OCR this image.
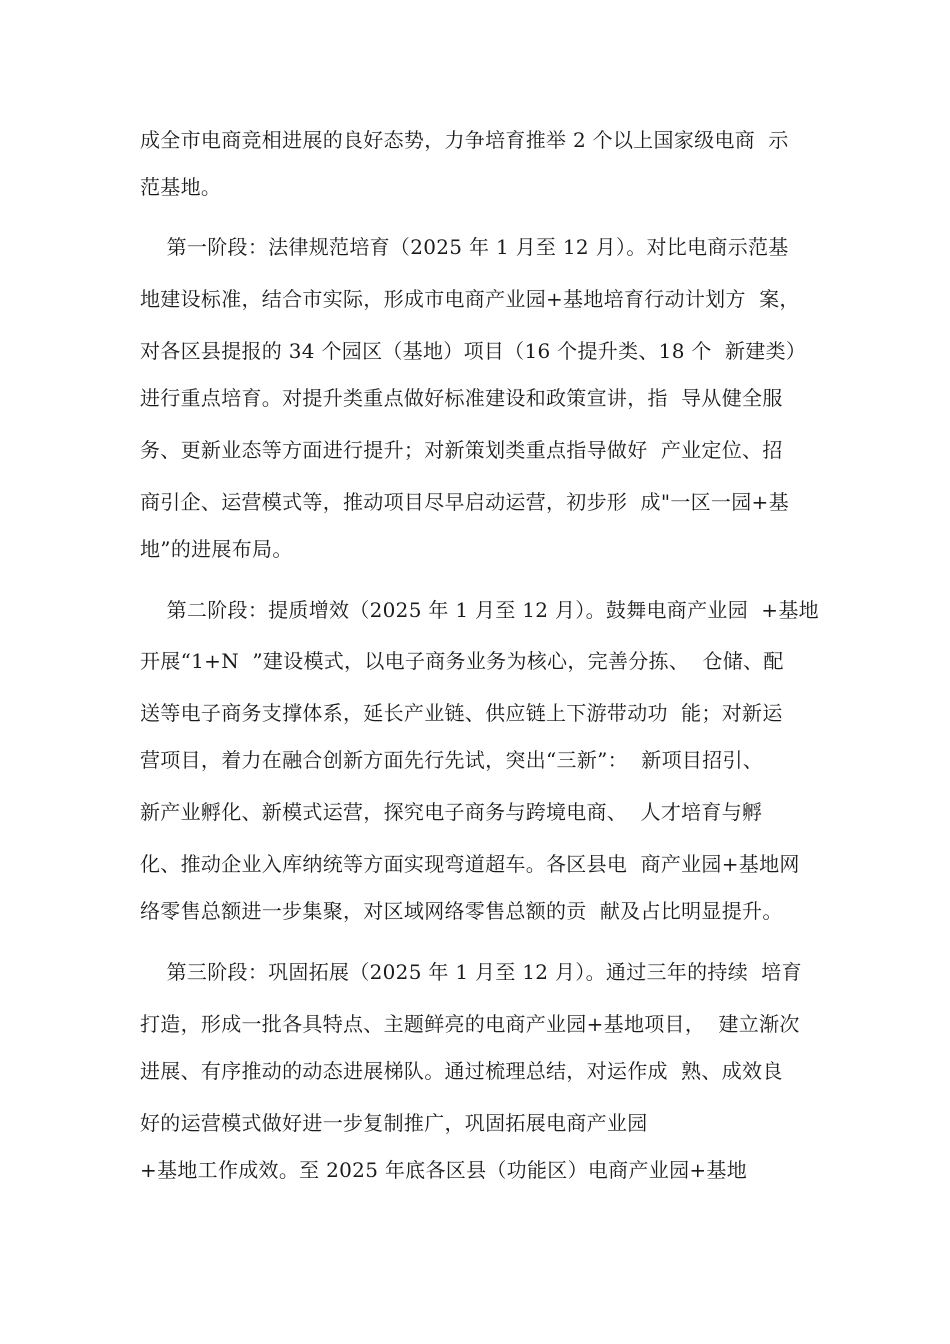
成全市电商竞相进展的良好态势，力争培育推举 2 个以上国家级电商  示
范基地。
第一阶段：法律规范培育（2025 年 1 月至 12 月）。对比电商示范基
地建设标准，结合市实际，形成市电商产业园+基地培育行动计划方  案，
对各区县提报的 34 个园区（基地）项目（16 个提升类、18 个  新建类）
进行重点培育。对提升类重点做好标准建设和政策宣讲，指  导从健全服
务、更新业态等方面进行提升；对新策划类重点指导做好  产业定位、招
商引企、运营模式等，推动项目尽早启动运营，初步形  成"一区一园+基
地”的进展布局。
第二阶段：提质增效（2025 年 1 月至 12 月）。鼓舞电商产业园  +基地
开展“1+N  ”建设模式，以电子商务业务为核心，完善分拣、  仓储、配
送等电子商务支撑体系，延长产业链、供应链上下游带动功  能；对新运
营项目，着力在融合创新方面先行先试，突出“三新”：  新项目招引、
新产业孵化、新模式运营，探究电子商务与跨境电商、  人才培育与孵
化、推动企业入库纳统等方面实现弯道超车。各区县电  商产业园+基地网
络零售总额进一步集聚，对区域网络零售总额的贡  献及占比明显提升。
第三阶段：巩固拓展（2025 年 1 月至 12 月）。通过三年的持续  培育
打造，形成一批各具特点、主题鲜亮的电商产业园+基地项目，  建立渐次
进展、有序推动的动态进展梯队。通过梳理总结，对运作成  熟、成效良
好的运营模式做好进一步复制推广，巩固拓展电商产业园
+基地工作成效。至 2025 年底各区县（功能区）电商产业园+基地
